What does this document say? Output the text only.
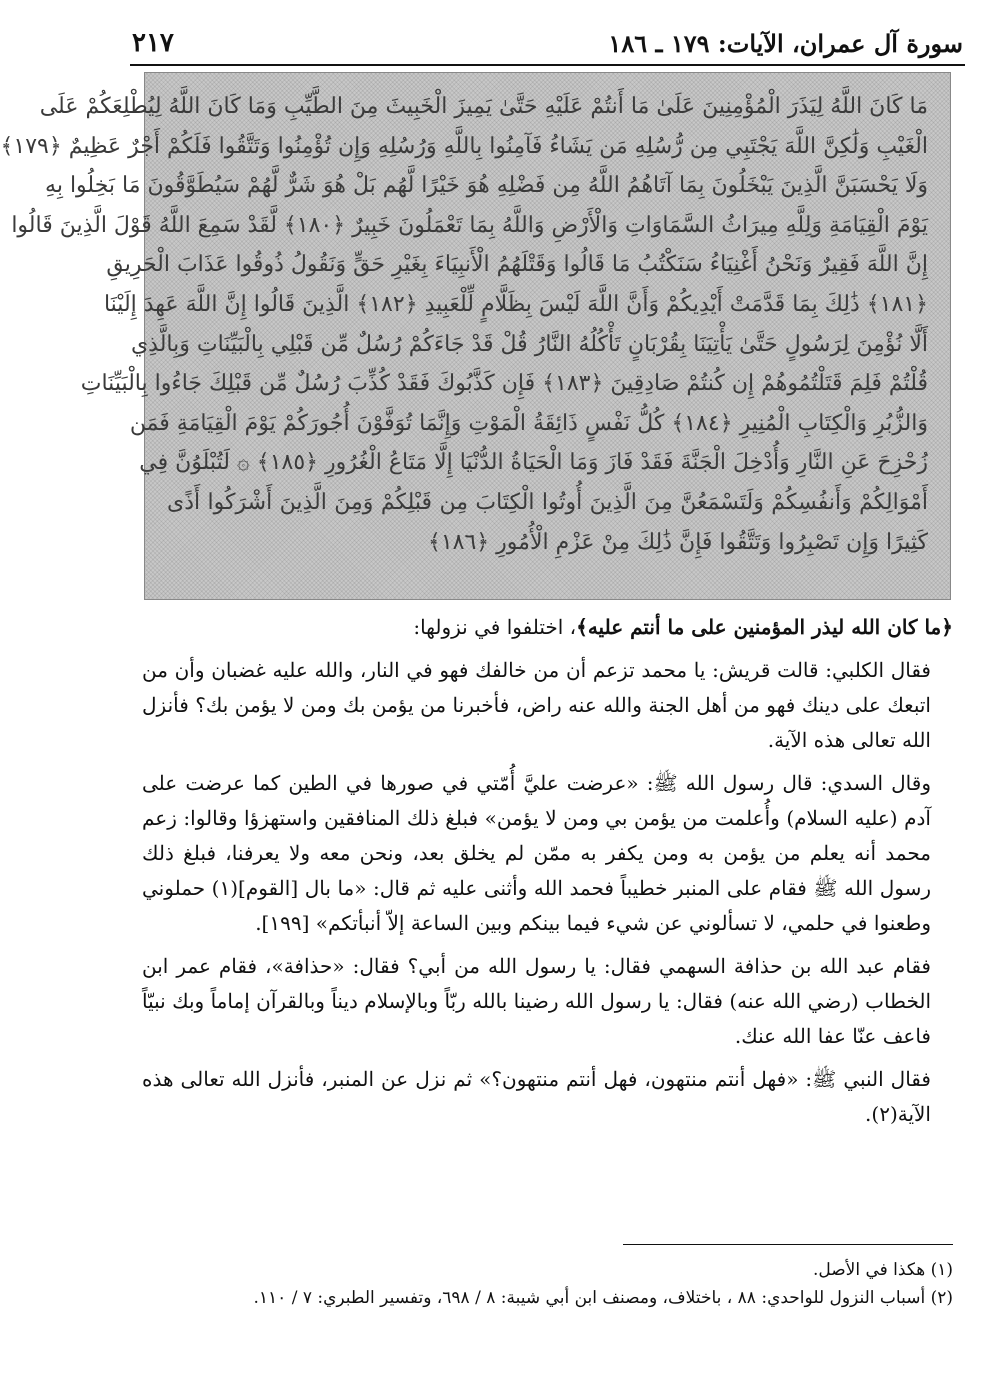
سورة آل عمران، الآيات: ١٧٩ ـ ١٨٦
٢١٧
مَا كَانَ اللَّهُ لِيَذَرَ الْمُؤْمِنِينَ عَلَىٰ مَا أَنتُمْ عَلَيْهِ حَتَّىٰ يَمِيزَ الْخَبِيثَ مِنَ الطَّيِّبِ وَمَا كَانَ اللَّهُ لِيُطْلِعَكُمْ عَلَى
الْغَيْبِ وَلَٰكِنَّ اللَّهَ يَجْتَبِي مِن رُّسُلِهِ مَن يَشَاءُ فَآمِنُوا بِاللَّهِ وَرُسُلِهِ وَإِن تُؤْمِنُوا وَتَتَّقُوا فَلَكُمْ أَجْرٌ عَظِيمٌ ﴿١٧٩﴾
وَلَا يَحْسَبَنَّ الَّذِينَ يَبْخَلُونَ بِمَا آتَاهُمُ اللَّهُ مِن فَضْلِهِ هُوَ خَيْرًا لَّهُم بَلْ هُوَ شَرٌّ لَّهُمْ سَيُطَوَّقُونَ مَا بَخِلُوا بِهِ
يَوْمَ الْقِيَامَةِ وَلِلَّهِ مِيرَاثُ السَّمَاوَاتِ وَالْأَرْضِ وَاللَّهُ بِمَا تَعْمَلُونَ خَبِيرٌ ﴿١٨٠﴾ لَّقَدْ سَمِعَ اللَّهُ قَوْلَ الَّذِينَ قَالُوا
إِنَّ اللَّهَ فَقِيرٌ وَنَحْنُ أَغْنِيَاءُ سَنَكْتُبُ مَا قَالُوا وَقَتْلَهُمُ الْأَنبِيَاءَ بِغَيْرِ حَقٍّ وَنَقُولُ ذُوقُوا عَذَابَ الْحَرِيقِ
﴿١٨١﴾ ذَٰلِكَ بِمَا قَدَّمَتْ أَيْدِيكُمْ وَأَنَّ اللَّهَ لَيْسَ بِظَلَّامٍ لِّلْعَبِيدِ ﴿١٨٢﴾ الَّذِينَ قَالُوا إِنَّ اللَّهَ عَهِدَ إِلَيْنَا
أَلَّا نُؤْمِنَ لِرَسُولٍ حَتَّىٰ يَأْتِيَنَا بِقُرْبَانٍ تَأْكُلُهُ النَّارُ قُلْ قَدْ جَاءَكُمْ رُسُلٌ مِّن قَبْلِي بِالْبَيِّنَاتِ وَبِالَّذِي
قُلْتُمْ فَلِمَ قَتَلْتُمُوهُمْ إِن كُنتُمْ صَادِقِينَ ﴿١٨٣﴾ فَإِن كَذَّبُوكَ فَقَدْ كُذِّبَ رُسُلٌ مِّن قَبْلِكَ جَاءُوا بِالْبَيِّنَاتِ
وَالزُّبُرِ وَالْكِتَابِ الْمُنِيرِ ﴿١٨٤﴾ كُلُّ نَفْسٍ ذَائِقَةُ الْمَوْتِ وَإِنَّمَا تُوَفَّوْنَ أُجُورَكُمْ يَوْمَ الْقِيَامَةِ فَمَن
زُحْزِحَ عَنِ النَّارِ وَأُدْخِلَ الْجَنَّةَ فَقَدْ فَازَ وَمَا الْحَيَاةُ الدُّنْيَا إِلَّا مَتَاعُ الْغُرُورِ ﴿١٨٥﴾ ۞ لَتُبْلَوُنَّ فِي
أَمْوَالِكُمْ وَأَنفُسِكُمْ وَلَتَسْمَعُنَّ مِنَ الَّذِينَ أُوتُوا الْكِتَابَ مِن قَبْلِكُمْ وَمِنَ الَّذِينَ أَشْرَكُوا أَذًى
كَثِيرًا وَإِن تَصْبِرُوا وَتَتَّقُوا فَإِنَّ ذَٰلِكَ مِنْ عَزْمِ الْأُمُورِ ﴿١٨٦﴾

﴿ما كان الله ليذر المؤمنين على ما أنتم عليه﴾، اختلفوا في نزولها:

فقال الكلبي: قالت قريش: يا محمد تزعم أن من خالفك فهو في النار، والله عليه غضبان وأن من اتبعك على دينك فهو من أهل الجنة والله عنه راض، فأخبرنا من يؤمن بك ومن لا يؤمن بك؟ فأنزل الله تعالى هذه الآية.

وقال السدي: قال رسول الله ﷺ: «عرضت عليَّ أُمّتي في صورها في الطين كما عرضت على آدم (عليه السلام) وأُعلمت من يؤمن بي ومن لا يؤمن» فبلغ ذلك المنافقين واستهزؤا وقالوا: زعم محمد أنه يعلم من يؤمن به ومن يكفر به ممّن لم يخلق بعد، ونحن معه ولا يعرفنا، فبلغ ذلك رسول الله ﷺ فقام على المنبر خطيباً فحمد الله وأثنى عليه ثم قال: «ما بال [القوم](١) حملوني وطعنوا في حلمي، لا تسألوني عن شيء فيما بينكم وبين الساعة إلاّ أنبأتكم» [١٩٩].

فقام عبد الله بن حذافة السهمي فقال: يا رسول الله من أبي؟ فقال: «حذافة»، فقام عمر ابن الخطاب (رضي الله عنه) فقال: يا رسول الله رضينا بالله ربّاً وبالإسلام ديناً وبالقرآن إماماً وبك نبيّاً فاعف عنّا عفا الله عنك.

فقال النبي ﷺ: «فهل أنتم منتهون، فهل أنتم منتهون؟» ثم نزل عن المنبر، فأنزل الله تعالى هذه الآية(٢).

(١) هكذا في الأصل.
(٢) أسباب النزول للواحدي: ٨٨ ، باختلاف، ومصنف ابن أبي شيبة: ٨ / ٦٩٨، وتفسير الطبري: ٧ / ١١٠.
